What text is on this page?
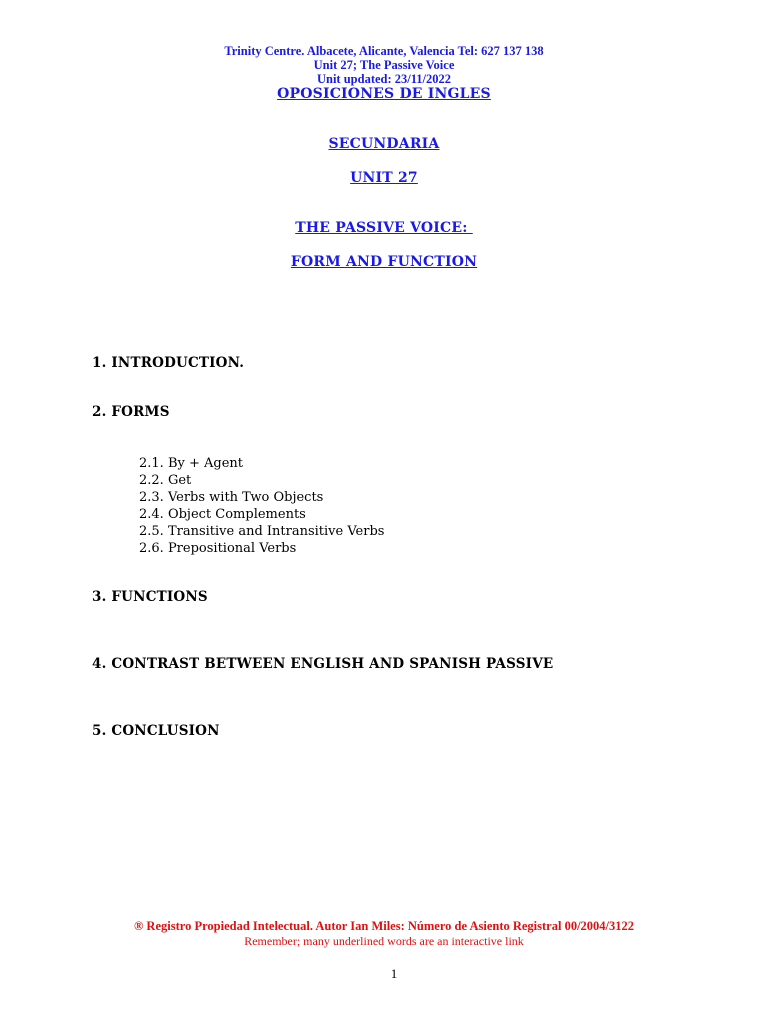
Trinity Centre. Albacete, Alicante, Valencia Tel: 627 137 138
Unit 27; The Passive Voice
Unit updated: 23/11/2022
OPOSICIONES DE INGLES
SECUNDARIA
UNIT 27
THE PASSIVE VOICE:
FORM AND FUNCTION
1. INTRODUCTION.
2. FORMS
2.1. By + Agent
2.2. Get
2.3. Verbs with Two Objects
2.4. Object Complements
2.5. Transitive and Intransitive Verbs
2.6. Prepositional Verbs
3. FUNCTIONS
4. CONTRAST BETWEEN ENGLISH AND SPANISH PASSIVE
5. CONCLUSION
® Registro Propiedad Intelectual. Autor Ian Miles: Número de Asiento Registral 00/2004/3122
Remember; many underlined words are an interactive link
1
